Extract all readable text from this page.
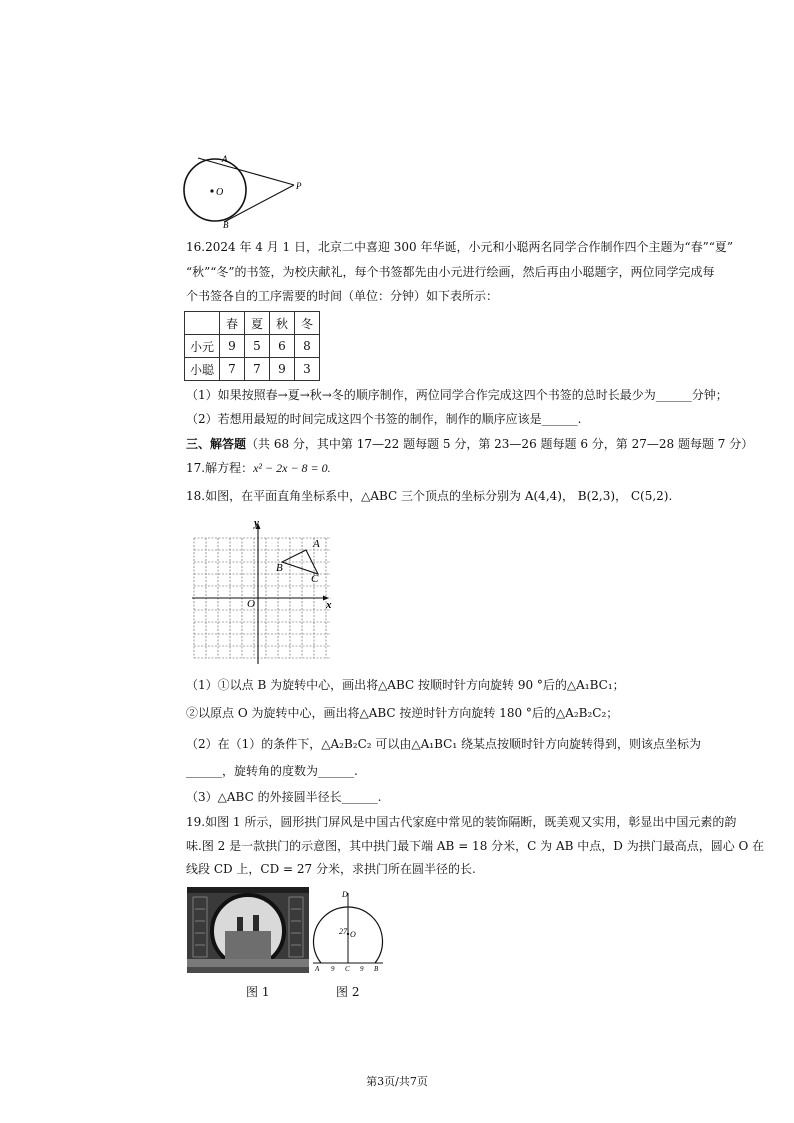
A
O
P
B
16.2024 年 4 月 1 日，北京二中喜迎 300 年华诞，小元和小聪两名同学合作制作四个主题为“春”“夏”
“秋”“冬”的书签，为校庆献礼，每个书签都先由小元进行绘画，然后再由小聪题字，两位同学完成每
个书签各自的工序需要的时间（单位：分钟）如下表所示：
	春	夏	秋	冬
小元	9	5	6	8
小聪	7	7	9	3
（1）如果按照春→夏→秋→冬的顺序制作，两位同学合作完成这四个书签的总时长最少为______分钟；
（2）若想用最短的时间完成这四个书签的制作，制作的顺序应该是______.
三、解答题（共 68 分，其中第 17—22 题每题 5 分，第 23—26 题每题 6 分，第 27—28 题每题 7 分）
17.解方程：x² − 2x − 8 = 0.
18.如图，在平面直角坐标系中，△ABC 三个顶点的坐标分别为 A(4,4)， B(2,3)， C(5,2).
y
x
O
A
B
C
（1）①以点 B 为旋转中心，画出将△ABC 按顺时针方向旋转 90 °后的△A₁BC₁；
②以原点 O 为旋转中心，画出将△ABC 按逆时针方向旋转 180 °后的△A₂B₂C₂；
（2）在（1）的条件下，△A₂B₂C₂ 可以由△A₁BC₁ 绕某点按顺时针方向旋转得到，则该点坐标为
______，旋转角的度数为______.
（3）△ABC 的外接圆半径长______.
19.如图 1 所示，圆形拱门屏风是中国古代家庭中常见的装饰隔断，既美观又实用，彰显出中国元素的韵
味.图 2 是一款拱门的示意图，其中拱门最下端 AB = 18 分米，C 为 AB 中点，D 为拱门最高点，圆心 O 在
线段 CD 上，CD = 27 分米，求拱门所在圆半径的长.
D
27 O
A 9 C 9 B
图 1	图 2
第3页/共7页
